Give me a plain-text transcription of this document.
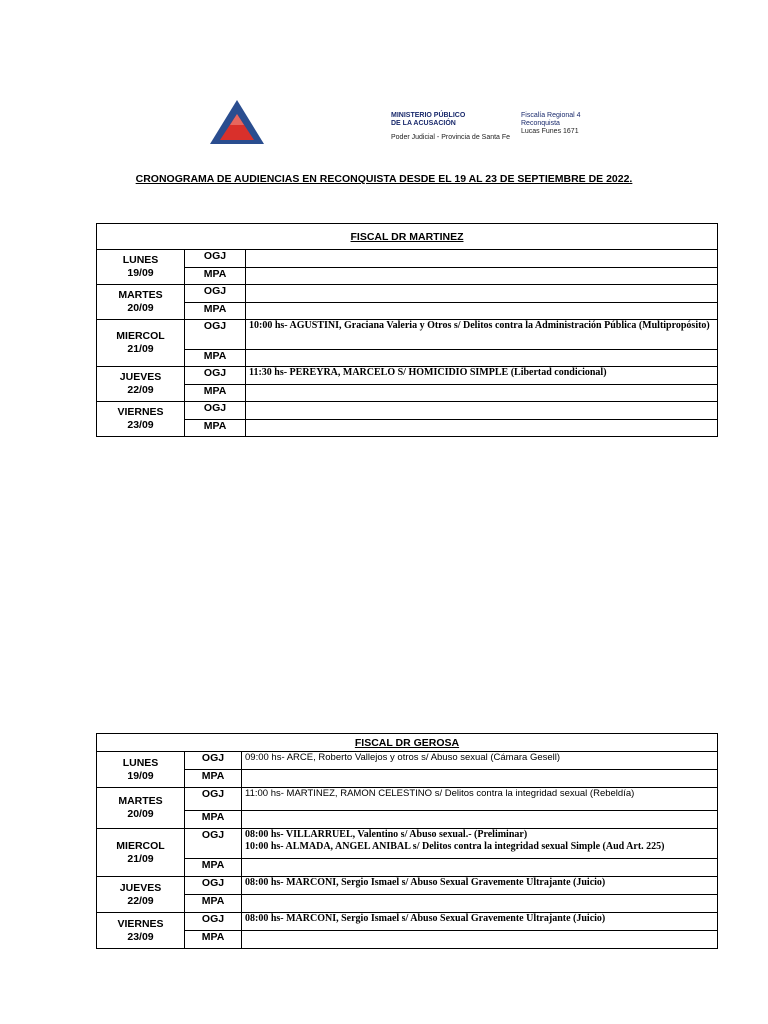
MINISTERIO PÚBLICO
DE LA ACUSACIÓN
Poder Judicial - Provincia de Santa Fe
Fiscalía Regional 4
Reconquista
Lucas Funes 1671
CRONOGRAMA DE AUDIENCIAS EN RECONQUISTA DESDE EL 19 AL 23 DE SEPTIEMBRE DE 2022.
FISCAL DR MARTINEZ		

LUNES
19/09	OGJ	
	MPA	

MARTES
20/09	OGJ	
	MPA	

MIERCOL
21/09	OGJ	10:00 hs- AGUSTINI, Graciana Valeria y Otros s/ Delitos contra la Administración Pública (Multipropósito)

	MPA	

JUEVES
22/09	OGJ	11:30 hs- PEREYRA, MARCELO S/ HOMICIDIO SIMPLE (Libertad condicional)

	MPA	

VIERNES
23/09	OGJ	
	MPA	
FISCAL DR GEROSA		

LUNES
19/09	OGJ	09:00 hs- ARCE, Roberto Vallejos y otros s/ Abuso sexual (Cámara Gesell)

	MPA	

MARTES
20/09	OGJ	11:00 hs- MARTINEZ, RAMON CELESTINO s/ Delitos contra la integridad sexual (Rebeldía)

	MPA	

MIERCOL
21/09	OGJ	08:00 hs- VILLARRUEL, Valentino s/ Abuso sexual.- (Preliminar)
10:00 hs- ALMADA, ANGEL ANIBAL s/ Delitos contra la integridad sexual Simple (Aud Art. 225)

	MPA	

JUEVES
22/09	OGJ	08:00 hs- MARCONI, Sergio Ismael s/ Abuso Sexual Gravemente Ultrajante (Juicio)

	MPA	

VIERNES
23/09	OGJ	08:00 hs- MARCONI, Sergio Ismael s/ Abuso Sexual Gravemente Ultrajante (Juicio)

	MPA	
